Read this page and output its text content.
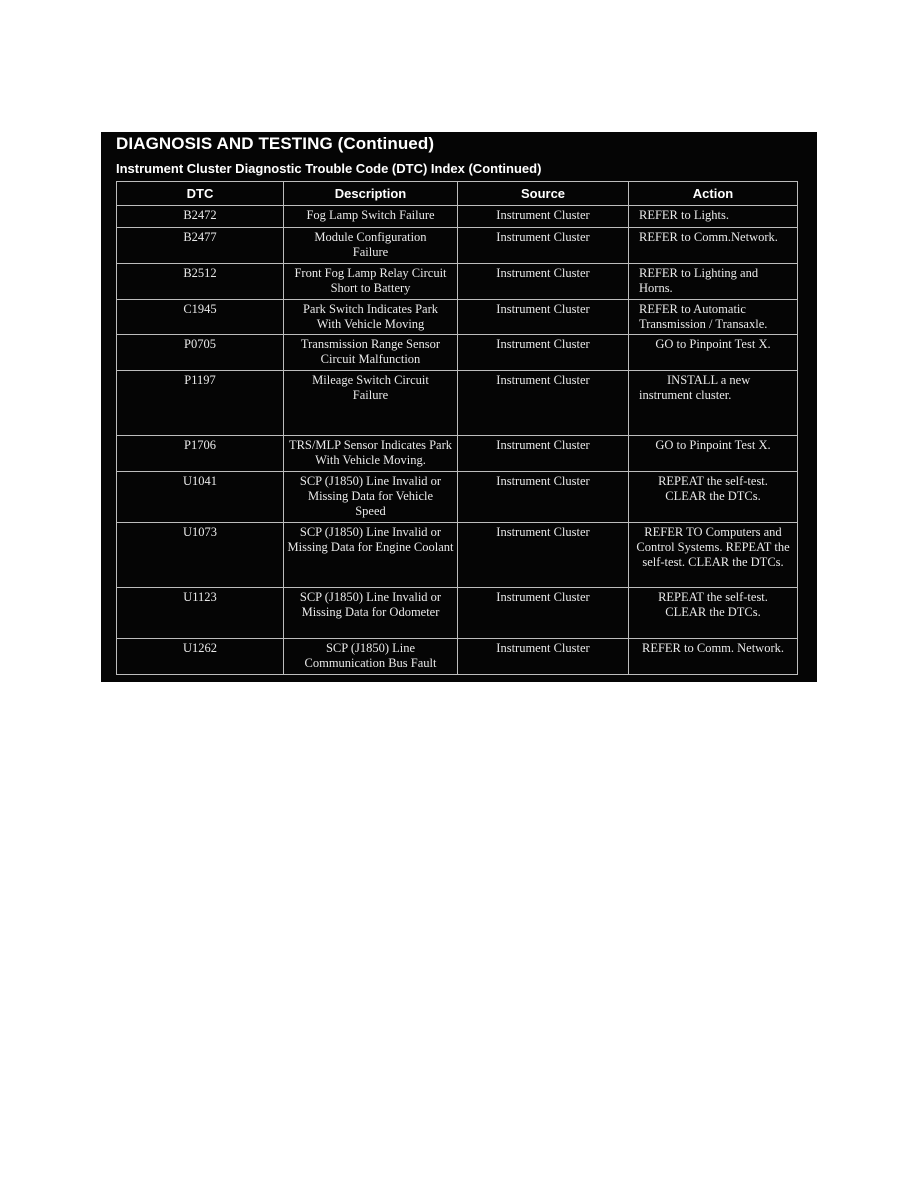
DIAGNOSIS AND TESTING (Continued)
Instrument Cluster Diagnostic Trouble Code (DTC) Index (Continued)
DTC	Description	Source	Action
B2472	Fog Lamp Switch Failure	Instrument Cluster	REFER to Lights.
B2477	Module Configuration Failure	Instrument Cluster	REFER to Comm.Network.
B2512	Front Fog Lamp Relay Circuit Short to Battery	Instrument Cluster	REFER to Lighting and Horns.
C1945	Park Switch Indicates Park With Vehicle Moving	Instrument Cluster	REFER to Automatic Transmission / Transaxle.
P0705	Transmission Range Sensor Circuit Malfunction	Instrument Cluster	GO to Pinpoint Test X.
P1197	Mileage Switch Circuit Failure	Instrument Cluster	INSTALL a new instrument cluster.
P1706	TRS/MLP Sensor Indicates Park With Vehicle Moving.	Instrument Cluster	GO to Pinpoint Test X.
U1041	SCP (J1850) Line Invalid or Missing Data for Vehicle Speed	Instrument Cluster	REPEAT the self-test. CLEAR the DTCs.
U1073	SCP (J1850) Line Invalid or Missing Data for Engine Coolant	Instrument Cluster	REFER TO Computers and Control Systems. REPEAT the self-test. CLEAR the DTCs.
U1123	SCP (J1850) Line Invalid or Missing Data for Odometer	Instrument Cluster	REPEAT the self-test. CLEAR the DTCs.
U1262	SCP (J1850) Line Communication Bus Fault	Instrument Cluster	REFER to Comm. Network.
